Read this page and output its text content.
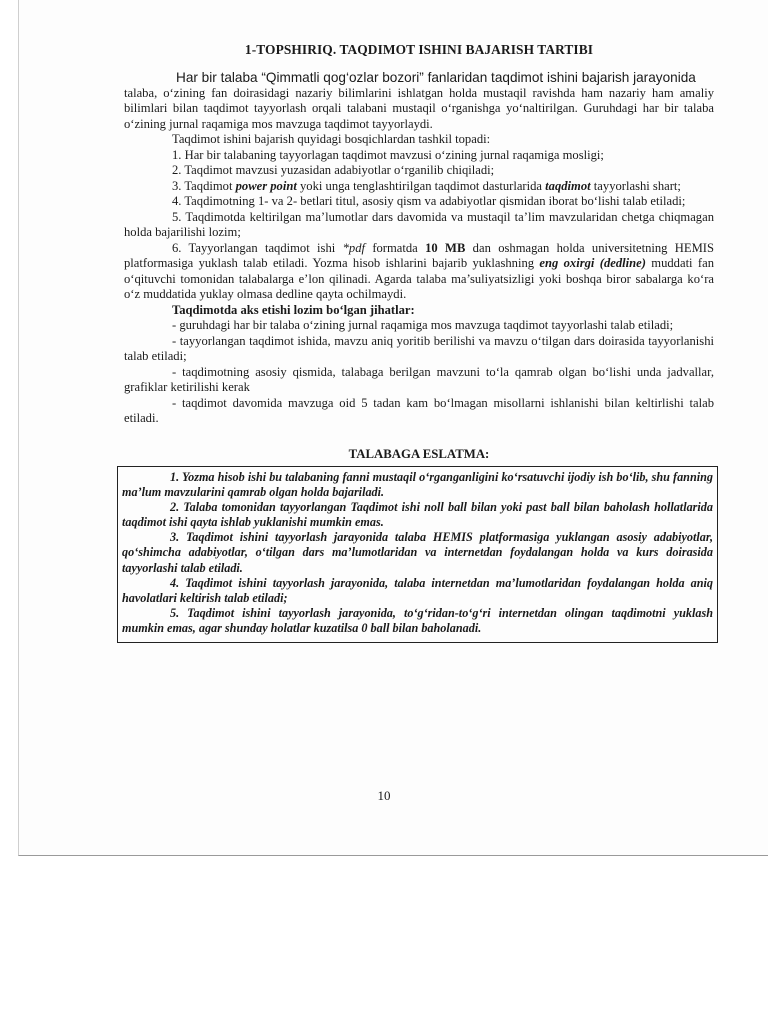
1-TOPSHIRIQ. TAQDIMOT ISHINI BAJARISH TARTIBI

Har bir talaba “Qimmatli qog‘ozlar bozori” fanlaridan taqdimot ishini bajarish jarayonida

talaba, o‘zining fan doirasidagi nazariy bilimlarini ishlatgan holda mustaqil ravishda ham nazariy ham amaliy bilimlari bilan taqdimot tayyorlash orqali talabani mustaqil o‘rganishga yo‘naltirilgan. Guruhdagi har bir talaba o‘zining jurnal raqamiga mos mavzuga taqdimot tayyorlaydi.

Taqdimot ishini bajarish quyidagi bosqichlardan tashkil topadi:

1. Har bir talabaning tayyorlagan taqdimot mavzusi o‘zining jurnal raqamiga mosligi;

2. Taqdimot mavzusi yuzasidan adabiyotlar o‘rganilib chiqiladi;

3. Taqdimot power point yoki unga tenglashtirilgan taqdimot dasturlarida taqdimot tayyorlashi shart;

4. Taqdimotning 1- va 2- betlari titul, asosiy qism va adabiyotlar qismidan iborat bo‘lishi talab etiladi;

5. Taqdimotda keltirilgan ma’lumotlar dars davomida va mustaqil ta’lim mavzularidan chetga chiqmagan holda bajarilishi lozim;

6. Tayyorlangan taqdimot ishi *pdf formatda 10 MB dan oshmagan holda universitetning HEMIS platformasiga yuklash talab etiladi. Yozma hisob ishlarini bajarib yuklashning eng oxirgi (dedline) muddati fan o‘qituvchi tomonidan talabalarga e’lon qilinadi. Agarda talaba ma’suliyatsizligi yoki boshqa biror sabalarga ko‘ra o‘z muddatida yuklay olmasa dedline qayta ochilmaydi.

Taqdimotda aks etishi lozim bo‘lgan jihatlar:

- guruhdagi har bir talaba o‘zining jurnal raqamiga mos mavzuga taqdimot tayyorlashi talab etiladi;

- tayyorlangan taqdimot ishida, mavzu aniq yoritib berilishi va mavzu o‘tilgan dars doirasida tayyorlanishi talab etiladi;

- taqdimotning asosiy qismida, talabaga berilgan mavzuni to‘la qamrab olgan bo‘lishi unda jadvallar, grafiklar ketirilishi kerak

- taqdimot davomida mavzuga oid 5 tadan kam bo‘lmagan misollarni ishlanishi bilan keltirlishi talab etiladi.

TALABAGA ESLATMA:

1. Yozma hisob ishi bu talabaning fanni mustaqil o‘rganganligini ko‘rsatuvchi ijodiy ish bo‘lib, shu fanning ma’lum mavzularini qamrab olgan holda bajariladi.

2. Talaba tomonidan tayyorlangan Taqdimot ishi noll ball bilan yoki past ball bilan baholash hollatlarida taqdimot ishi qayta ishlab yuklanishi mumkin emas.

3. Taqdimot ishini tayyorlash jarayonida talaba HEMIS platformasiga yuklangan asosiy adabiyotlar, qo‘shimcha adabiyotlar, o‘tilgan dars ma’lumotlaridan va internetdan foydalangan holda va kurs doirasida tayyorlashi talab etiladi.

4. Taqdimot ishini tayyorlash jarayonida, talaba internetdan ma’lumotlaridan foydalangan holda aniq havolatlari keltirish talab etiladi;

5. Taqdimot ishini tayyorlash jarayonida, to‘g‘ridan-to‘g‘ri internetdan olingan taqdimotni yuklash mumkin emas, agar shunday holatlar kuzatilsa 0 ball bilan baholanadi.

10
